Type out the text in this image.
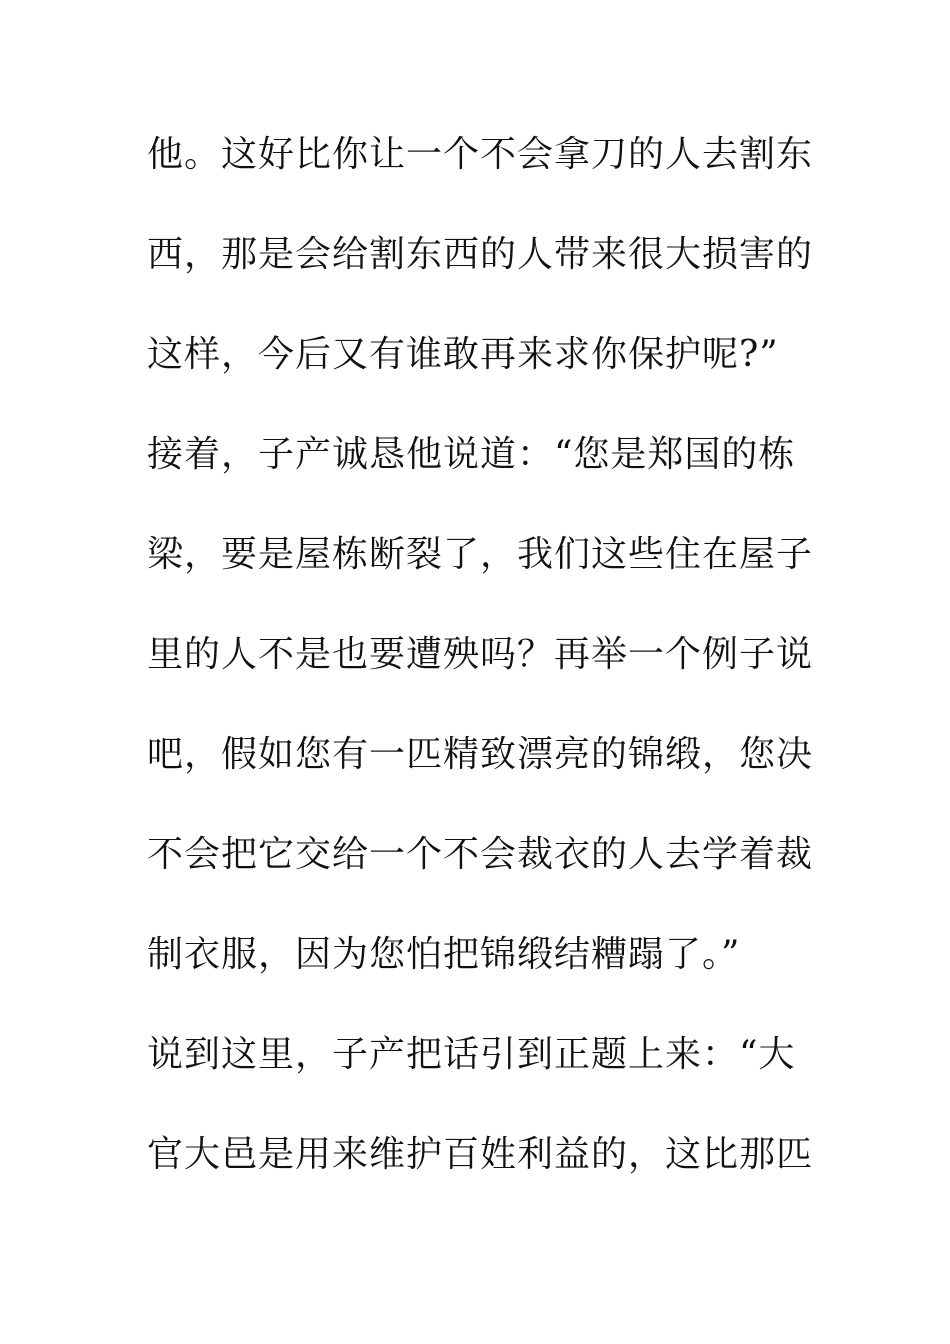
他。这好比你让一个不会拿刀的人去割东
西，那是会给割东西的人带来很大损害的
这样，今后又有谁敢再来求你保护呢?”
接着，子产诚恳他说道：“您是郑国的栋
梁，要是屋栋断裂了，我们这些住在屋子
里的人不是也要遭殃吗？再举一个例子说
吧，假如您有一匹精致漂亮的锦缎，您决
不会把它交给一个不会裁衣的人去学着裁
制衣服，因为您怕把锦缎结糟蹋了。”
说到这里，子产把话引到正题上来：“大
官大邑是用来维护百姓利益的，这比那匹
